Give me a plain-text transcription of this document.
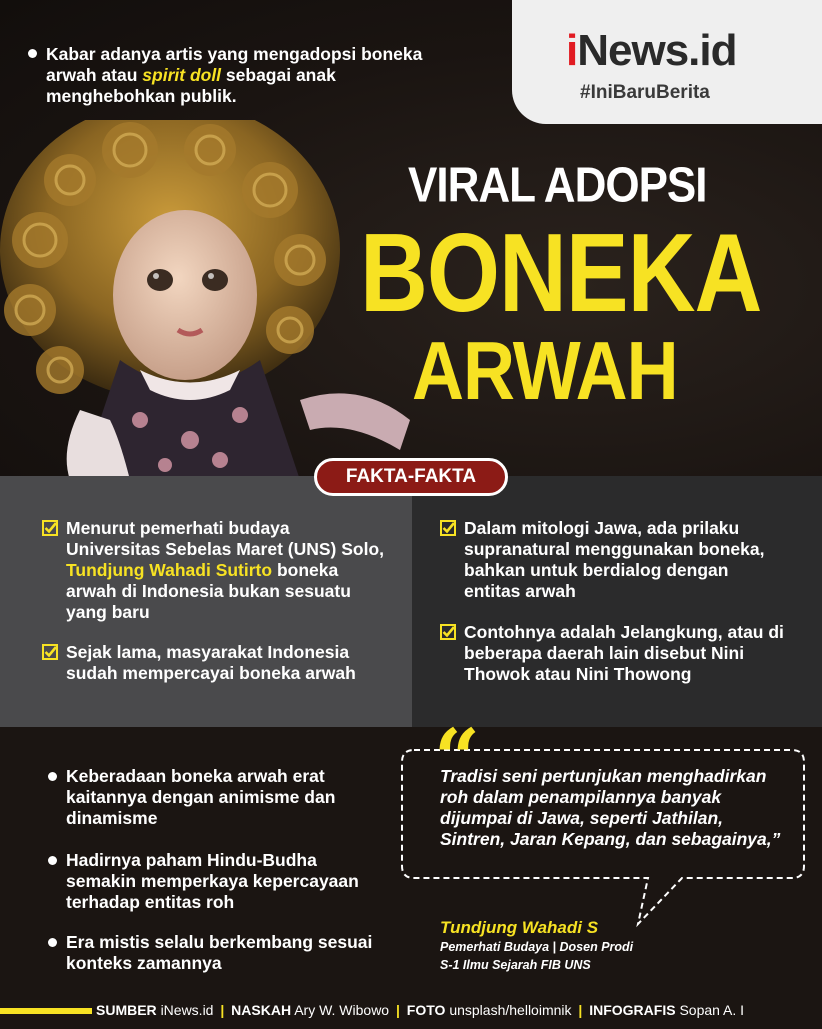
Kabar adanya artis yang mengadopsi boneka arwah atau spirit doll sebagai anak menghebohkan publik.
iNews.id
#IniBaruBerita
VIRAL ADOPSI
BONEKA
ARWAH
FAKTA-FAKTA
Menurut pemerhati budaya Universitas Sebelas Maret (UNS) Solo, Tundjung Wahadi Sutirto boneka arwah di Indonesia bukan sesuatu yang baru
Sejak lama, masyarakat Indonesia sudah mempercayai boneka arwah
Dalam mitologi Jawa, ada prilaku supranatural menggunakan boneka, bahkan untuk berdialog dengan entitas arwah
Contohnya adalah Jelangkung, atau di beberapa daerah lain disebut Nini Thowok atau Nini Thowong
Keberadaan boneka arwah erat kaitannya dengan animisme dan dinamisme
Hadirnya paham Hindu-Budha semakin memperkaya kepercayaan terhadap entitas roh
Era mistis selalu berkembang sesuai konteks zamannya
“
Tradisi seni pertunjukan menghadirkan roh dalam penampilannya banyak dijumpai di Jawa, seperti Jathilan, Sintren, Jaran Kepang, dan sebagainya,”
Tundjung Wahadi S
Pemerhati Budaya | Dosen Prodi
S-1 Ilmu Sejarah FIB UNS
SUMBER iNews.id | NASKAH Ary W. Wibowo | FOTO unsplash/helloimnik | INFOGRAFIS Sopan A. I
